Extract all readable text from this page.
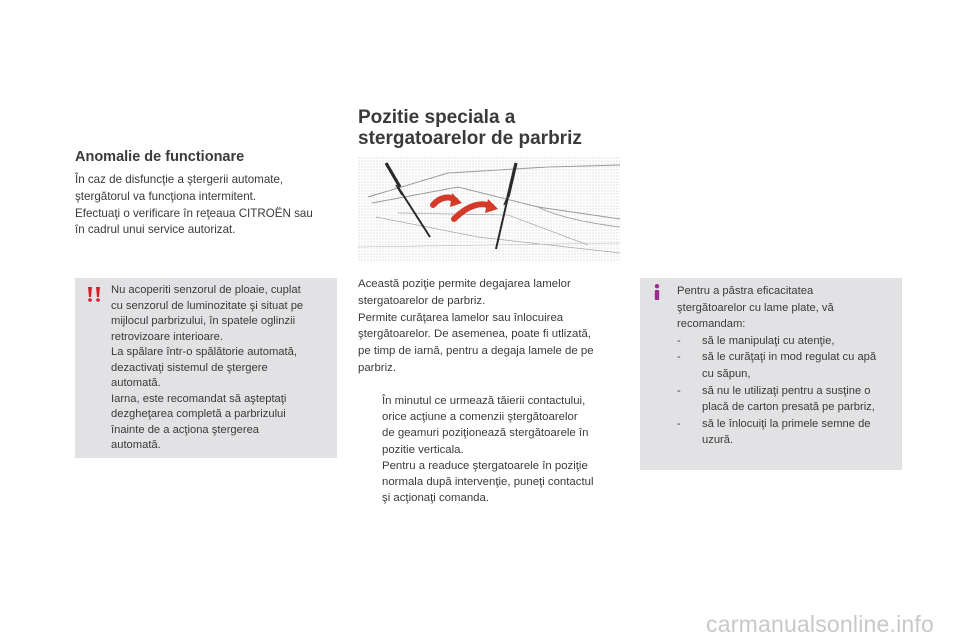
Anomalie de functionare

În caz de disfuncţie a ştergerii automate,
ştergătorul va funcţiona intermitent.
Efectuaţi o verificare în reţeaua CITROËN sau
în cadrul unui service autorizat.

Nu acoperiti senzorul de ploaie, cuplat
cu senzorul de luminozitate şi situat pe
mijlocul parbrizului, în spatele oglinzii
retrovizoare interioare.
La spălare într-o spălătorie automată,
dezactivaţi sistemul de ştergere
automată.
Iarna, este recomandat să aşteptaţi
dezgheţarea completă a parbrizului
înainte de a acţiona ştergerea
automată.

Pozitie speciala a
stergatoarelor de parbriz

Această poziţie permite degajarea lamelor
stergatoarelor de parbriz.
Permite curăţarea lamelor sau înlocuirea
ştergătoarelor. De asemenea, poate fi utlizată,
pe timp de iarnă, pentru a degaja lamele de pe
parbriz.

În minutul ce urmează tăierii contactului,
orice acţiune a comenzii ştergătoarelor
de geamuri poziţionează stergătoarele în
pozitie verticala.
Pentru a readuce ştergatoarele în poziţie
normala după intervenţie, puneţi contactul
şi acţionaţi comanda.
Pentru a păstra eficacitatea
ştergătoarelor cu lame plate, vă
recomandam:
- să le manipulaţi cu atenţie,
- să le curăţaţi in mod regulat cu apă
cu săpun,
- să nu le utilizaţi pentru a susţine o
placă de carton presată pe parbriz,
- să le înlocuiţi la primele semne de
uzură.
carmanualsonline.info
